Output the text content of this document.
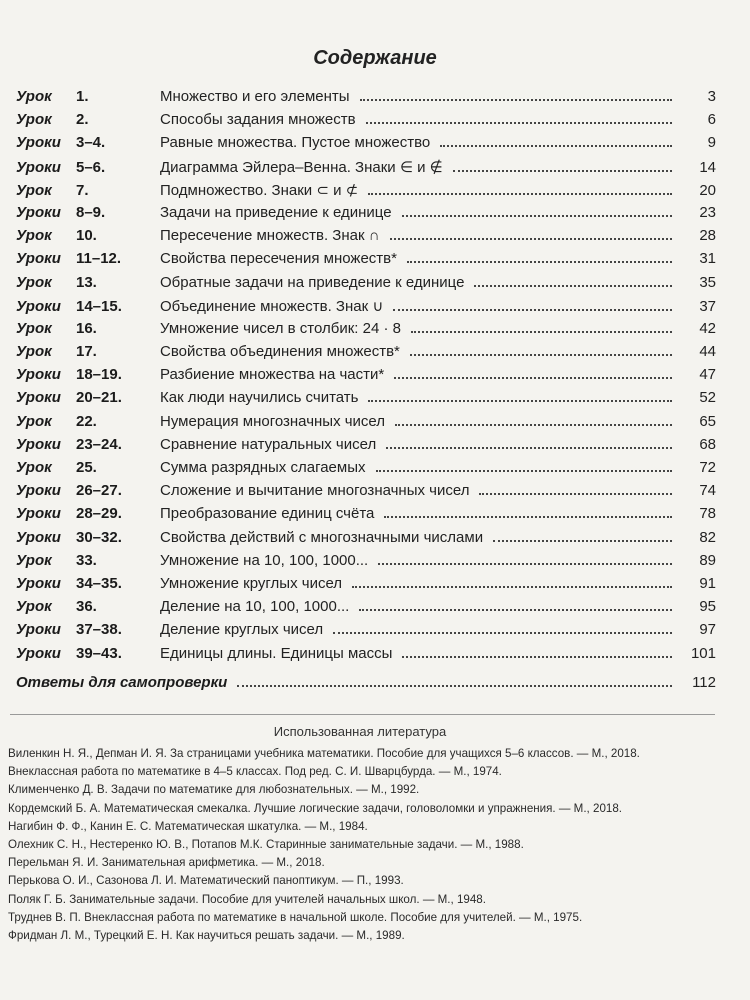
Содержание
Урок	1.	Множество и его элементы	3
Урок	2.	Способы задания множеств	6
Уроки	3–4.	Равные множества. Пустое множество	9
Уроки	5–6.	Диаграмма Эйлера–Венна. Знаки ∈ и ∉	14
Урок	7.	Подмножество. Знаки ⊂ и ⊄	20
Уроки	8–9.	Задачи на приведение к единице	23
Урок	10.	Пересечение множеств. Знак ∩	28
Уроки	11–12.	Свойства пересечения множеств*	31
Урок	13.	Обратные задачи на приведение к единице	35
Уроки	14–15.	Объединение множеств. Знак ∪	37
Урок	16.	Умножение чисел в столбик: 24 · 8	42
Урок	17.	Свойства объединения множеств*	44
Уроки	18–19.	Разбиение множества на части*	47
Уроки	20–21.	Как люди научились считать	52
Урок	22.	Нумерация многозначных чисел	65
Уроки	23–24.	Сравнение натуральных чисел	68
Урок	25.	Сумма разрядных слагаемых	72
Уроки	26–27.	Сложение и вычитание многозначных чисел	74
Уроки	28–29.	Преобразование единиц счёта	78
Уроки	30–32.	Свойства действий с многозначными числами	82
Урок	33.	Умножение на 10, 100, 1000...	89
Уроки	34–35.	Умножение круглых чисел	91
Урок	36.	Деление на 10, 100, 1000...	95
Уроки	37–38.	Деление круглых чисел	97
Уроки	39–43.	Единицы длины. Единицы массы	101
Ответы для самопроверки	112
Использованная литература
Виленкин Н. Я., Депман И. Я. За страницами учебника математики. Пособие для учащихся 5–6 классов. — М., 2018.
Внеклассная работа по математике в 4–5 классах. Под ред. С. И. Шварцбурда. — М., 1974.
Клименченко Д. В. Задачи по математике для любознательных. — М., 1992.
Кордемский Б. А. Математическая смекалка. Лучшие логические задачи, головоломки и упражнения. — М., 2018.
Нагибин Ф. Ф., Канин Е. С. Математическая шкатулка. — М., 1984.
Олехник С. Н., Нестеренко Ю. В., Потапов М.К. Старинные занимательные задачи. — М., 1988.
Перельман Я. И. Занимательная арифметика. — М., 2018.
Перькова О. И., Сазонова Л. И. Математический паноптикум. — П., 1993.
Поляк Г. Б. Занимательные задачи. Пособие для учителей начальных школ. — М., 1948.
Труднев В. П. Внеклассная работа по математике в начальной школе. Пособие для учителей. — М., 1975.
Фридман Л. М., Турецкий Е. Н. Как научиться решать задачи. — М., 1989.
